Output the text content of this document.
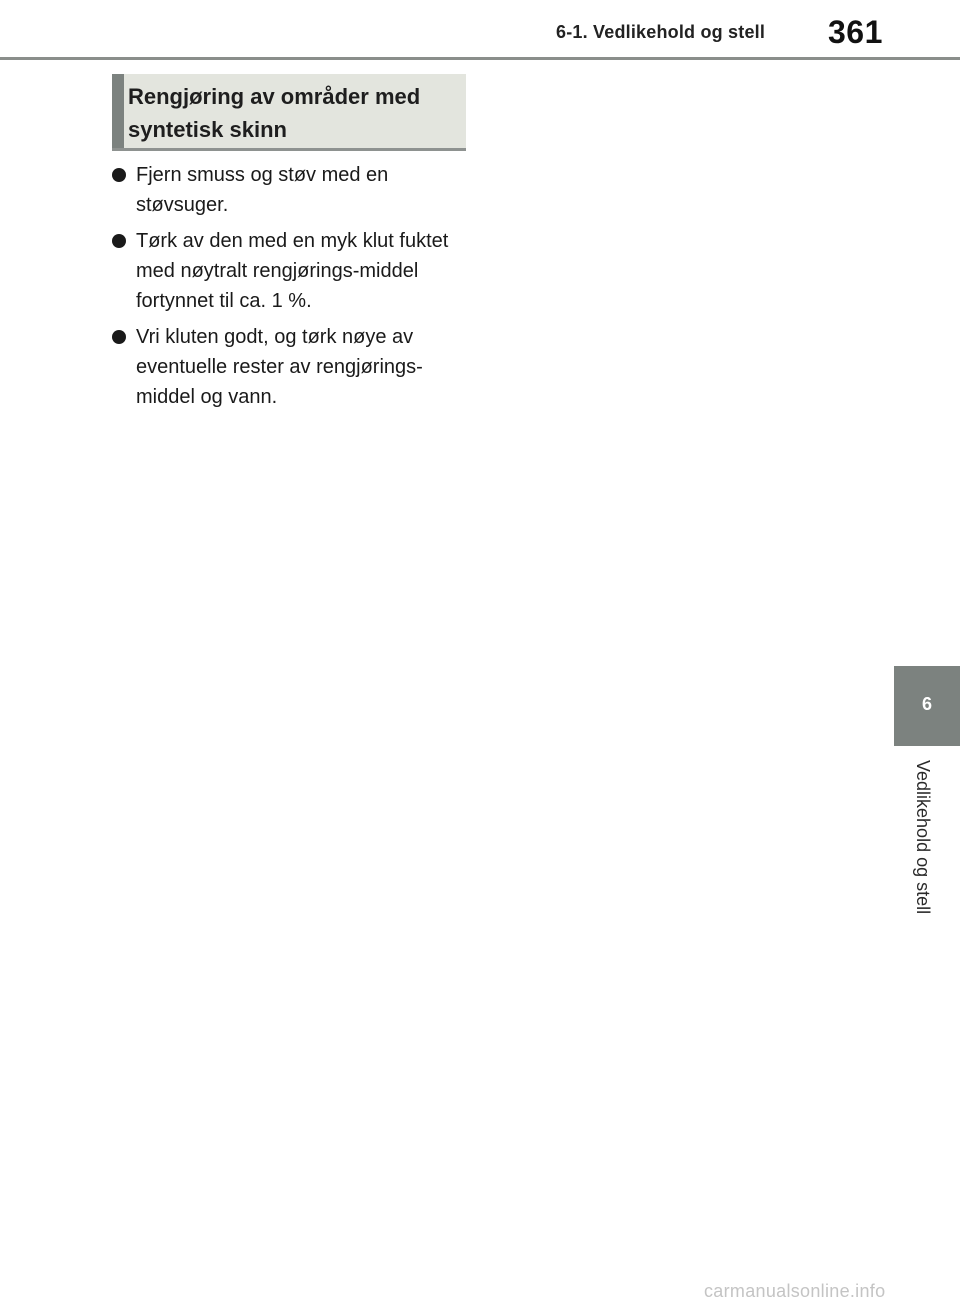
6-1. Vedlikehold og stell 361
Rengjøring av områder med syntetisk skinn
Fjern smuss og støv med en støvsuger.
Tørk av den med en myk klut fuktet med nøytralt rengjørings-middel fortynnet til ca. 1 %.
Vri kluten godt, og tørk nøye av eventuelle rester av rengjørings-middel og vann.
6
Vedlikehold og stell
carmanualsonline.info
